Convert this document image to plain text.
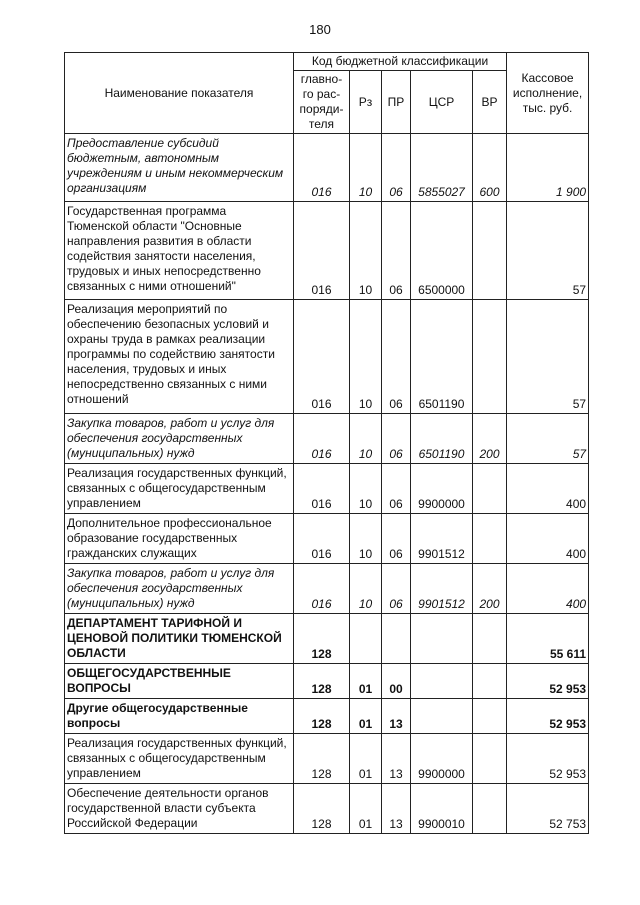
180
Наименование показателя	Код бюджетной классификации					Кассовое
исполнение,
тыс. руб.
	главно-
го рас-
поряди-
теля	Рз	ПР	ЦСР	ВР	
Предоставление субсидий бюджетным, автономным учреждениям и иным некоммерческим организациям	016	10	06	5855027	600	1 900
Государственная программа Тюменской области "Основные направления развития в области содействия занятости населения, трудовых и иных непосредственно связанных с ними отношений"	016	10	06	6500000		57
Реализация мероприятий по обеспечению безопасных условий и охраны труда в рамках реализации программы по содействию занятости населения, трудовых и иных непосредственно связанных с ними отношений	016	10	06	6501190		57
Закупка товаров, работ и услуг для обеспечения государственных (муниципальных) нужд	016	10	06	6501190	200	57
Реализация государственных функций, связанных с общегосударственным управлением	016	10	06	9900000		400
Дополнительное профессиональное образование государственных гражданских служащих	016	10	06	9901512		400
Закупка товаров, работ и услуг для обеспечения государственных (муниципальных) нужд	016	10	06	9901512	200	400
ДЕПАРТАМЕНТ ТАРИФНОЙ И ЦЕНОВОЙ ПОЛИТИКИ ТЮМЕНСКОЙ ОБЛАСТИ	128					55 611
ОБЩЕГОСУДАРСТВЕННЫЕ ВОПРОСЫ	128	01	00			52 953
Другие общегосударственные вопросы	128	01	13			52 953
Реализация государственных функций, связанных с общегосударственным управлением	128	01	13	9900000		52 953
Обеспечение деятельности органов государственной власти субъекта Российской Федерации	128	01	13	9900010		52 753
